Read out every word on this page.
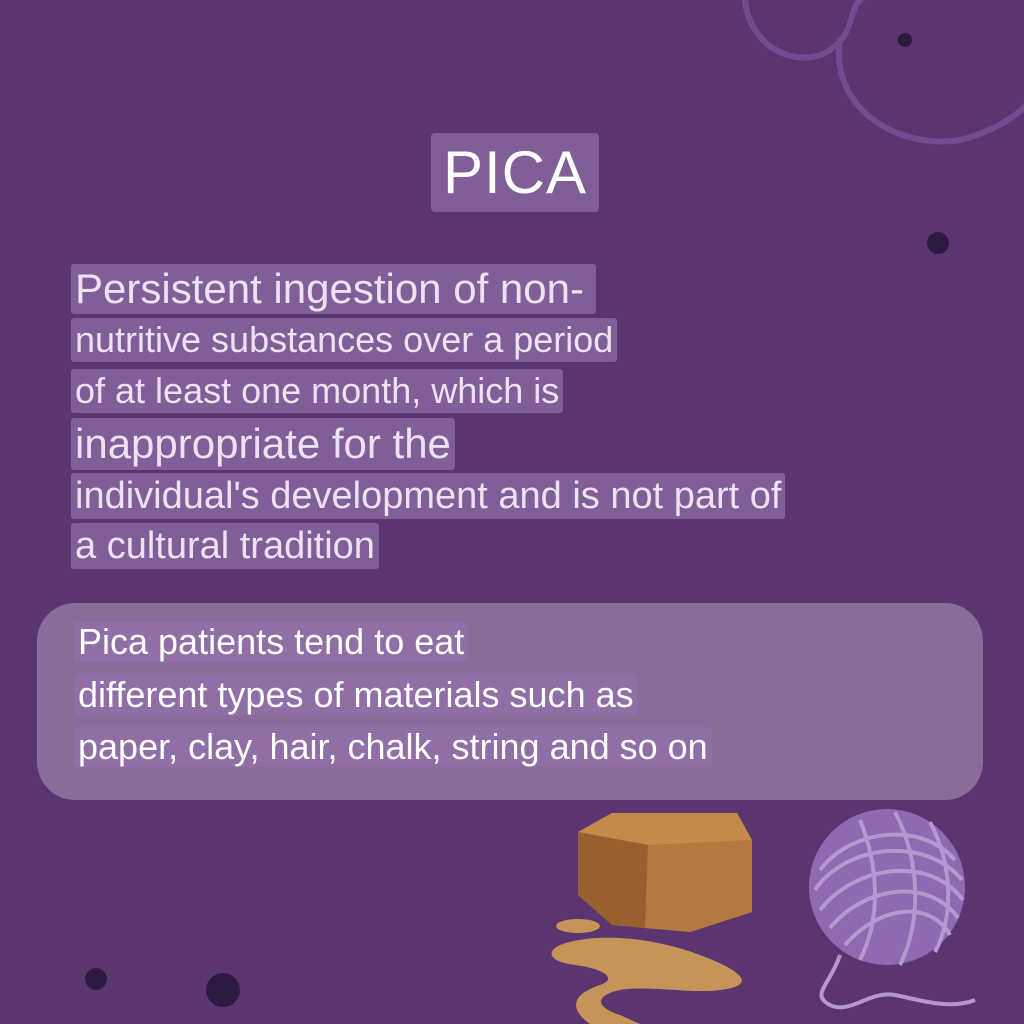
PICA
Persistent ingestion of non-
nutritive substances over a period
of at least one month, which is
inappropriate for the
individual's development and is not part of
a cultural tradition
Pica patients tend to eat
different types of materials such as
paper, clay, hair, chalk, string and so on
